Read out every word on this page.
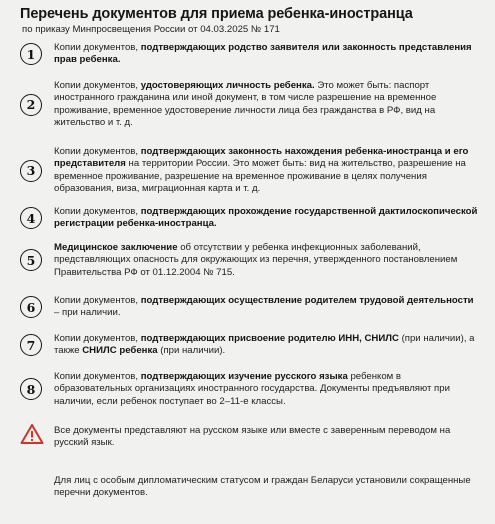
Перечень документов для приема ребенка-иностранца
по приказу Минпросвещения России от 04.03.2025 № 171
1	Копии документов, подтверждающих родство заявителя или законность представления прав ребенка.
2
Копии документов, удостоверяющих личность ребенка. Это может быть: паспорт иностранного гражданина или иной документ, в том числе разрешение на временное проживание, временное удостоверение личности лица без гражданства в РФ, вид на жительство и т. д.
3
Копии документов, подтверждающих законность нахождения ребенка-иностранца и его представителя на территории России. Это может быть: вид на жительство, разрешение на временное проживание, разрешение на временное проживание в целях получения образования, виза, миграционная карта и т. д.
4	Копии документов, подтверждающих прохождение государственной дактилоскопической регистрации ребенка-иностранца.
5
Медицинское заключение об отсутствии у ребенка инфекционных заболеваний, представляющих опасность для окружающих из перечня, утвержденного постановлением Правительства РФ от 01.12.2004 № 715.
6	Копии документов, подтверждающих осуществление родителем трудовой деятельности – при наличии.
7	Копии документов, подтверждающих присвоение родителю ИНН, СНИЛС (при наличии), а также СНИЛС ребенка (при наличии).
8
Копии документов, подтверждающих изучение русского языка ребенком в образовательных организациях иностранного государства. Документы предъявляют при наличии, если ребенок поступает во 2–11-е классы.
Все документы представляют на русском языке или вместе с заверенным переводом на русский язык.
Для лиц с особым дипломатическим статусом и граждан Беларуси установили сокращенные перечни документов.
